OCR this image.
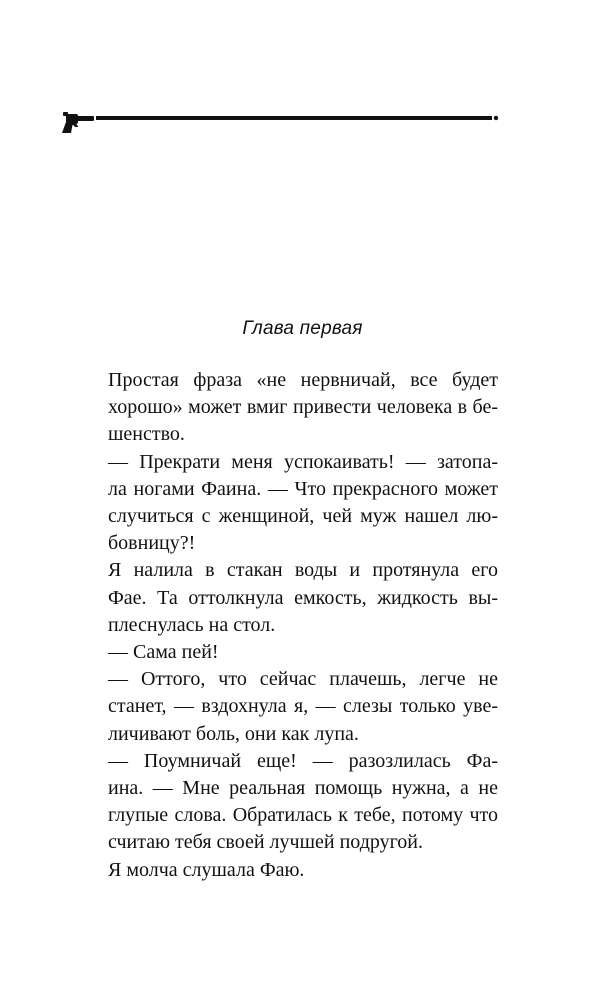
Глава первая
Простая фраза «не нервничай, все будет
хорошо» может вмиг привести человека в бе-
шенство.
— Прекрати меня успокаивать! — затопа-
ла ногами Фаина. — Что прекрасного может
случиться с женщиной, чей муж нашел лю-
бовницу?!
Я налила в стакан воды и протянула его
Фае. Та оттолкнула емкость, жидкость вы-
плеснулась на стол.
— Сама пей!
— Оттого, что сейчас плачешь, легче не
станет, — вздохнула я, — слезы только уве-
личивают боль, они как лупа.
— Поумничай еще! — разозлилась Фа-
ина. — Мне реальная помощь нужна, а не
глупые слова. Обратилась к тебе, потому что
считаю тебя своей лучшей подругой.
Я молча слушала Фаю.
